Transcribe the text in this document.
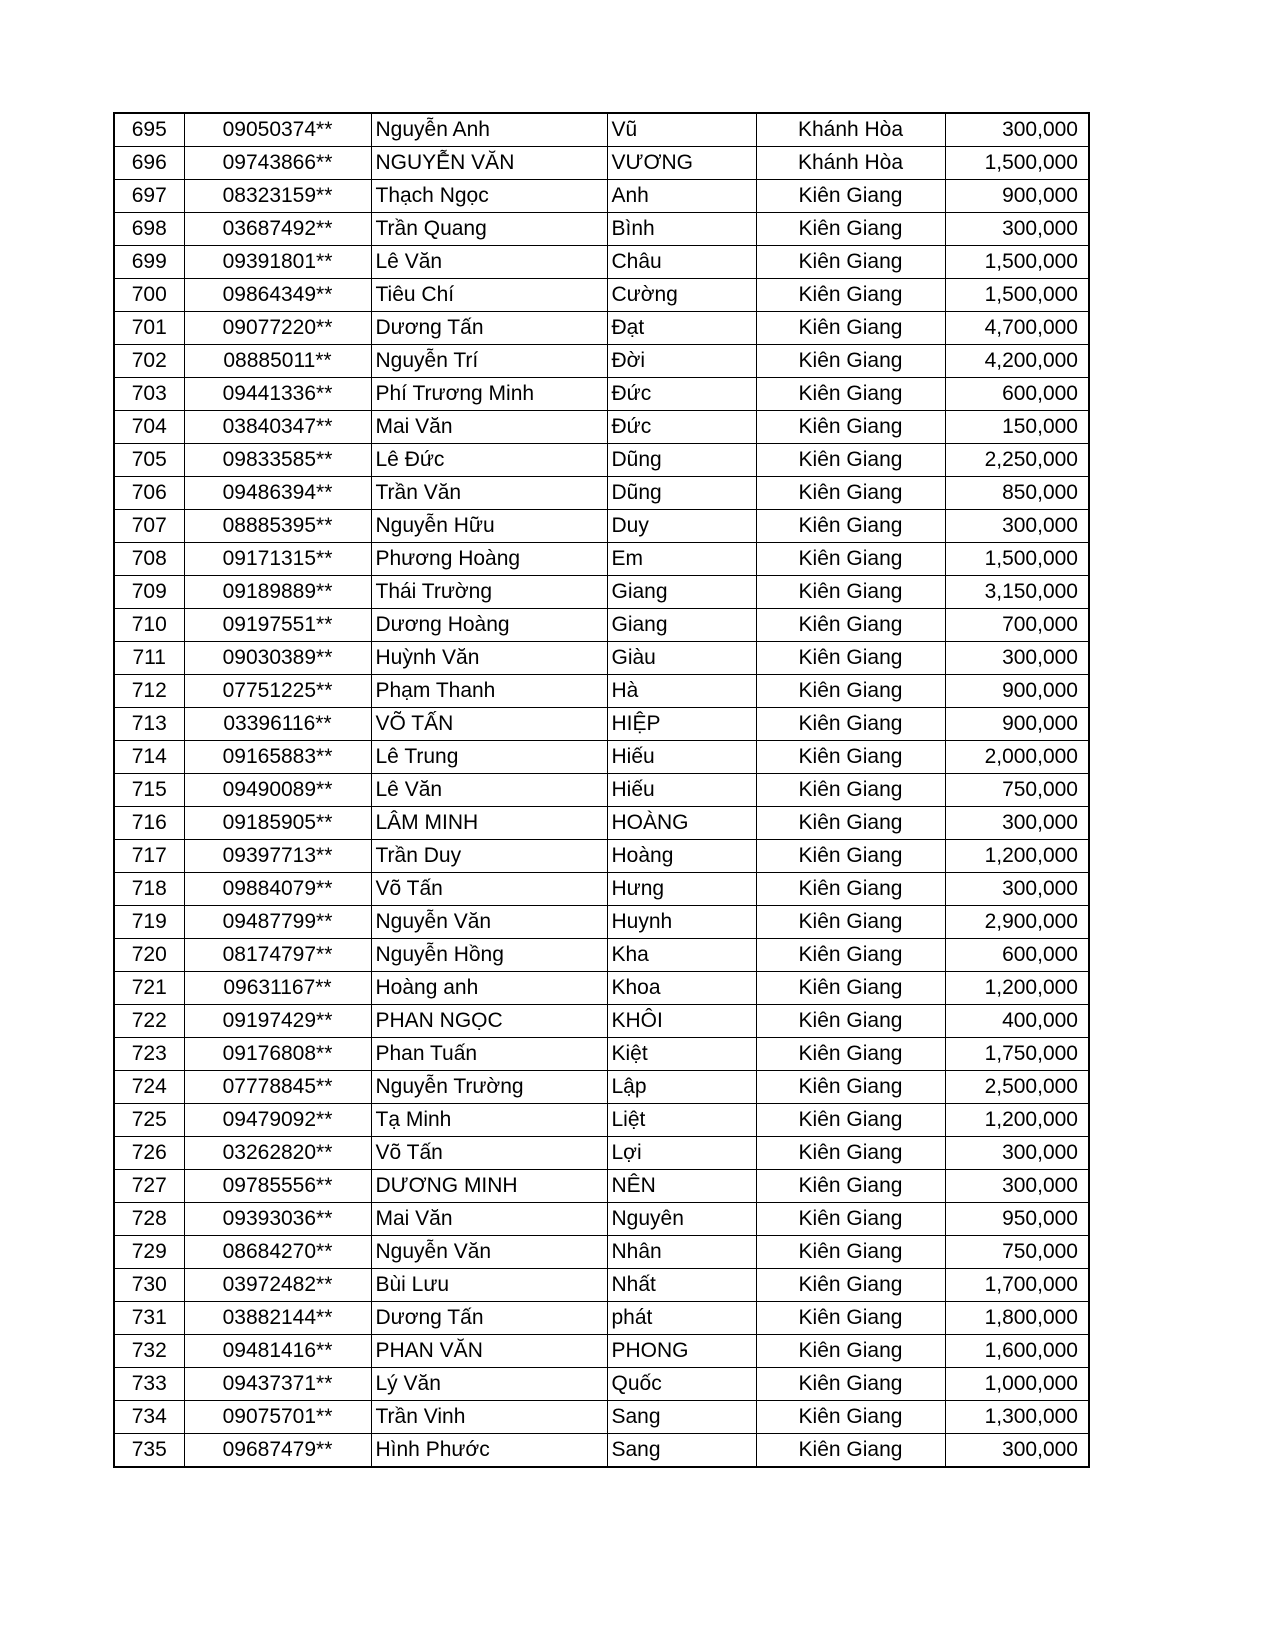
695	09050374**	Nguyễn Anh	Vũ	Khánh Hòa	300,000
696	09743866**	NGUYỄN VĂN	VƯƠNG	Khánh Hòa	1,500,000
697	08323159**	Thạch Ngọc	Anh	Kiên Giang	900,000
698	03687492**	Trần Quang	Bình	Kiên Giang	300,000
699	09391801**	Lê Văn	Châu	Kiên Giang	1,500,000
700	09864349**	Tiêu Chí	Cường	Kiên Giang	1,500,000
701	09077220**	Dương Tấn	Đạt	Kiên Giang	4,700,000
702	08885011**	Nguyễn Trí	Đời	Kiên Giang	4,200,000
703	09441336**	Phí Trương Minh	Đức	Kiên Giang	600,000
704	03840347**	Mai Văn	Đức	Kiên Giang	150,000
705	09833585**	Lê Đức	Dũng	Kiên Giang	2,250,000
706	09486394**	Trần Văn	Dũng	Kiên Giang	850,000
707	08885395**	Nguyễn Hữu	Duy	Kiên Giang	300,000
708	09171315**	Phương Hoàng	Em	Kiên Giang	1,500,000
709	09189889**	Thái Trường	Giang	Kiên Giang	3,150,000
710	09197551**	Dương Hoàng	Giang	Kiên Giang	700,000
711	09030389**	Huỳnh Văn	Giàu	Kiên Giang	300,000
712	07751225**	Phạm Thanh	Hà	Kiên Giang	900,000
713	03396116**	VÕ TẤN	HIỆP	Kiên Giang	900,000
714	09165883**	Lê Trung	Hiếu	Kiên Giang	2,000,000
715	09490089**	Lê Văn	Hiếu	Kiên Giang	750,000
716	09185905**	LÂM MINH	HOÀNG	Kiên Giang	300,000
717	09397713**	Trần Duy	Hoàng	Kiên Giang	1,200,000
718	09884079**	Võ Tấn	Hưng	Kiên Giang	300,000
719	09487799**	Nguyễn Văn	Huynh	Kiên Giang	2,900,000
720	08174797**	Nguyễn Hồng	Kha	Kiên Giang	600,000
721	09631167**	Hoàng anh	Khoa	Kiên Giang	1,200,000
722	09197429**	PHAN NGỌC	KHÔI	Kiên Giang	400,000
723	09176808**	Phan Tuấn	Kiệt	Kiên Giang	1,750,000
724	07778845**	Nguyễn Trường	Lập	Kiên Giang	2,500,000
725	09479092**	Tạ Minh	Liệt	Kiên Giang	1,200,000
726	03262820**	Võ Tấn	Lợi	Kiên Giang	300,000
727	09785556**	DƯƠNG MINH	NÊN	Kiên Giang	300,000
728	09393036**	Mai Văn	Nguyên	Kiên Giang	950,000
729	08684270**	Nguyễn Văn	Nhân	Kiên Giang	750,000
730	03972482**	Bùi Lưu	Nhất	Kiên Giang	1,700,000
731	03882144**	Dương Tấn	phát	Kiên Giang	1,800,000
732	09481416**	PHAN VĂN	PHONG	Kiên Giang	1,600,000
733	09437371**	Lý Văn	Quốc	Kiên Giang	1,000,000
734	09075701**	Trần Vinh	Sang	Kiên Giang	1,300,000
735	09687479**	Hình Phước	Sang	Kiên Giang	300,000
